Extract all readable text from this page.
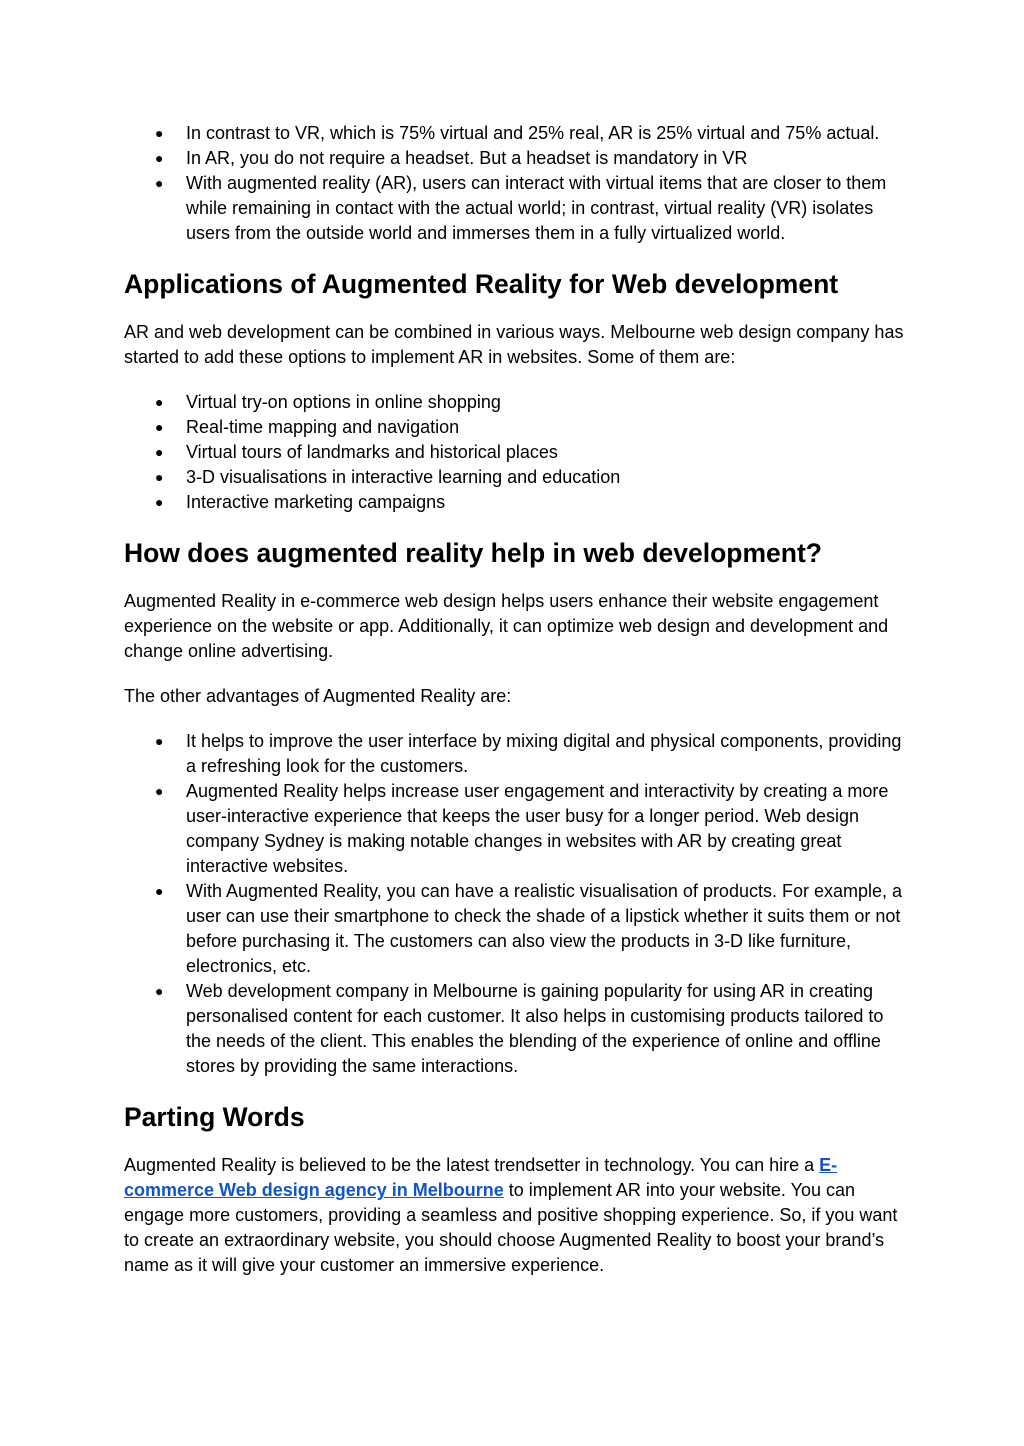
● In contrast to VR, which is 75% virtual and 25% real, AR is 25% virtual and 75% actual.
● In AR, you do not require a headset. But a headset is mandatory in VR
● With augmented reality (AR), users can interact with virtual items that are closer to them while remaining in contact with the actual world; in contrast, virtual reality (VR) isolates users from the outside world and immerses them in a fully virtualized world.
Applications of Augmented Reality for Web development

AR and web development can be combined in various ways. Melbourne web design company has started to add these options to implement AR in websites. Some of them are:

● Virtual try-on options in online shopping
● Real-time mapping and navigation
● Virtual tours of landmarks and historical places
● 3-D visualisations in interactive learning and education
● Interactive marketing campaigns
How does augmented reality help in web development?

Augmented Reality in e-commerce web design helps users enhance their website engagement experience on the website or app. Additionally, it can optimize web design and development and change online advertising.

The other advantages of Augmented Reality are:

● It helps to improve the user interface by mixing digital and physical components, providing a refreshing look for the customers.
● Augmented Reality helps increase user engagement and interactivity by creating a more user-interactive experience that keeps the user busy for a longer period. Web design company Sydney is making notable changes in websites with AR by creating great interactive websites.
● With Augmented Reality, you can have a realistic visualisation of products. For example, a user can use their smartphone to check the shade of a lipstick whether it suits them or not before purchasing it. The customers can also view the products in 3-D like furniture, electronics, etc.
● Web development company in Melbourne is gaining popularity for using AR in creating personalised content for each customer. It also helps in customising products tailored to the needs of the client. This enables the blending of the experience of online and offline stores by providing the same interactions.
Parting Words

Augmented Reality is believed to be the latest trendsetter in technology. You can hire a E-commerce Web design agency in Melbourne to implement AR into your website. You can engage more customers, providing a seamless and positive shopping experience. So, if you want to create an extraordinary website, you should choose Augmented Reality to boost your brand’s name as it will give your customer an immersive experience.
